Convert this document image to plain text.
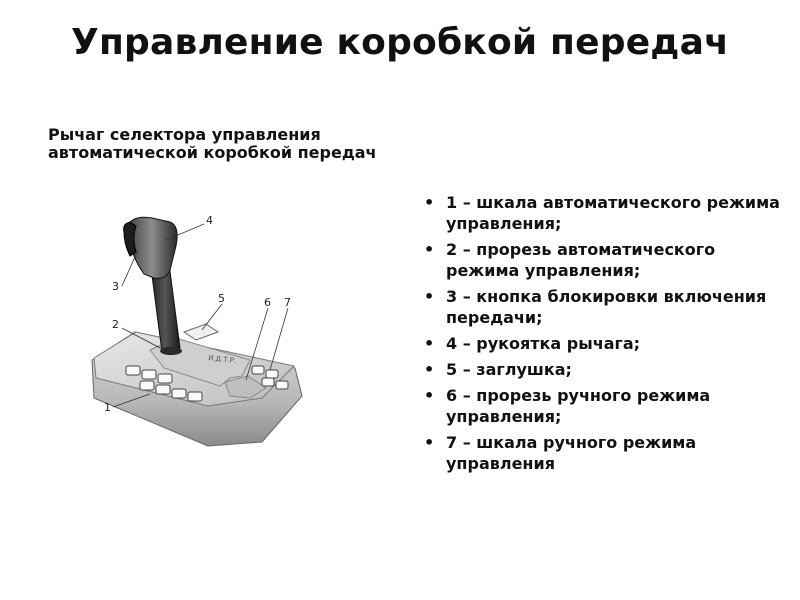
Управление коробкой передач
Рычаг селектора управления автоматической коробкой передач
И.Д.Т.Р.
1
2
3
4
5	6 7
• 1 – шкала автоматического режима управления;
• 2 – прорезь автоматического режима управления;
• 3 – кнопка блокировки включения передачи;
• 4 – рукоятка рычага;
• 5 – заглушка;
• 6 – прорезь ручного режима управления;
• 7 – шкала ручного режима управления
